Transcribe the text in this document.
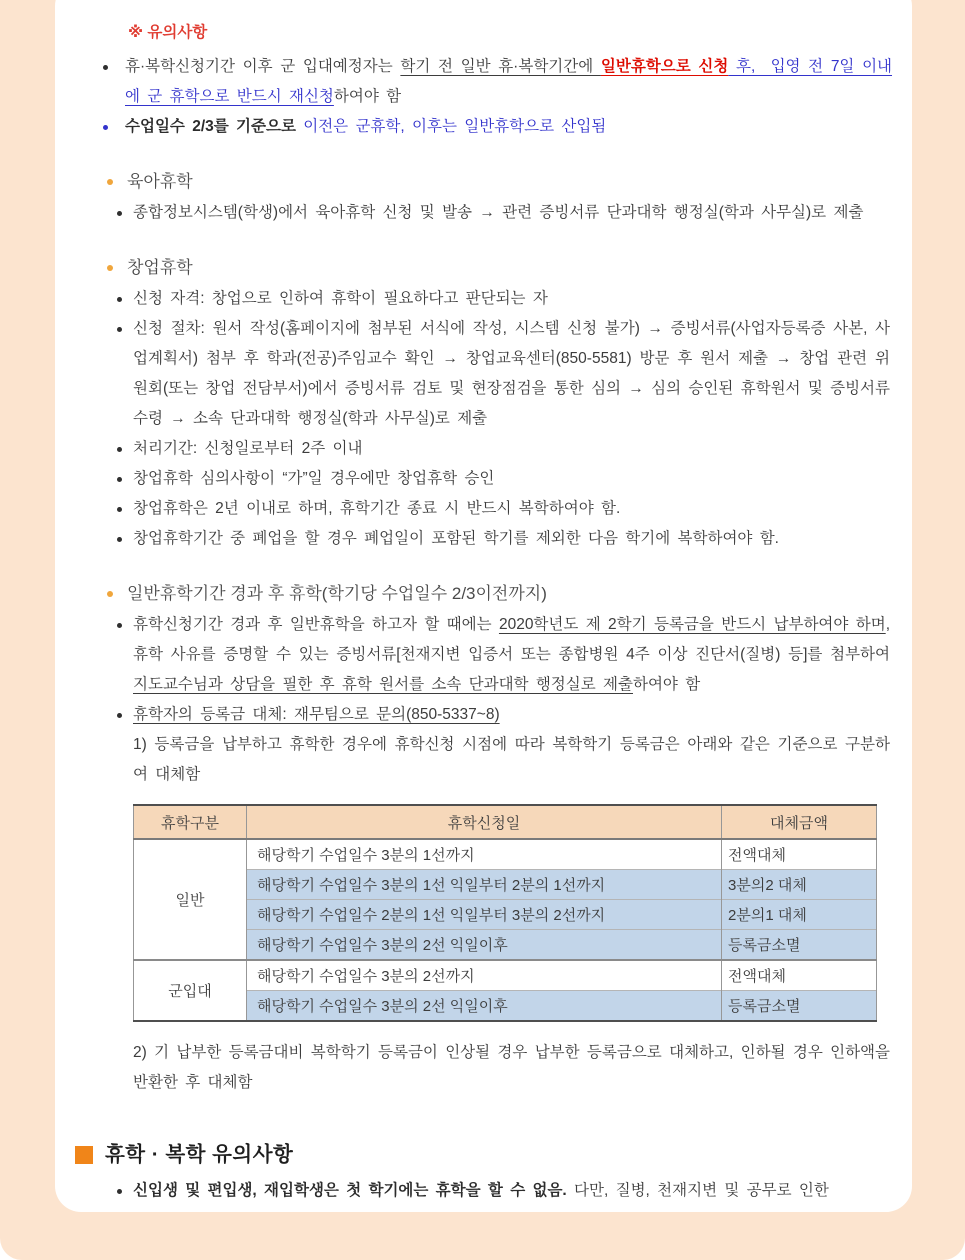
※ 유의사항
휴·복학신청기간 이후 군 입대예정자는 학기 전 일반 휴·복학기간에 일반휴학으로 신청 후,  입영 전 7일 이내에 군 휴학으로 반드시 재신청하여야 함
수업일수 2/3를 기준으로 이전은 군휴학, 이후는 일반휴학으로 산입됨
육아휴학
종합정보시스템(학생)에서 육아휴학 신청 및 발송 → 관련 증빙서류 단과대학 행정실(학과 사무실)로 제출
창업휴학
신청 자격: 창업으로 인하여 휴학이 필요하다고 판단되는 자
신청 절차: 원서 작성(홈페이지에 첨부된 서식에 작성, 시스템 신청 불가) → 증빙서류(사업자등록증 사본, 사업계획서) 첨부 후 학과(전공)주임교수 확인 → 창업교육센터(850-5581) 방문 후 원서 제출 → 창업 관련 위원회(또는 창업 전담부서)에서 증빙서류 검토 및 현장점검을 통한 심의 → 심의 승인된 휴학원서 및 증빙서류 수령 → 소속 단과대학 행정실(학과 사무실)로 제출
처리기간: 신청일로부터 2주 이내
창업휴학 심의사항이 “가”일 경우에만 창업휴학 승인
창업휴학은 2년 이내로 하며, 휴학기간 종료 시 반드시 복학하여야 함.
창업휴학기간 중 폐업을 할 경우 폐업일이 포함된 학기를 제외한 다음 학기에 복학하여야 함.
일반휴학기간 경과 후 휴학(학기당 수업일수 2/3이전까지)
휴학신청기간 경과 후 일반휴학을 하고자 할 때에는 2020학년도 제 2학기 등록금을 반드시 납부하여야 하며, 휴학 사유를 증명할 수 있는 증빙서류[천재지변 입증서 또는 종합병원 4주 이상 진단서(질병) 등]를 첨부하여 지도교수님과 상담을 필한 후 휴학 원서를 소속 단과대학 행정실로 제출하여야 함
휴학자의 등록금 대체: 재무팀으로 문의(850-5337~8)
1) 등록금을 납부하고 휴학한 경우에 휴학신청 시점에 따라 복학학기 등록금은 아래와 같은 기준으로 구분하여 대체함
휴학구분	휴학신청일	대체금액
일반	해당학기 수업일수 3분의 1선까지	전액대체
	해당학기 수업일수 3분의 1선 익일부터 2분의 1선까지	3분의2 대체
	해당학기 수업일수 2분의 1선 익일부터 3분의 2선까지	2분의1 대체
	해당학기 수업일수 3분의 2선 익일이후	등록금소멸
군입대	해당학기 수업일수 3분의 2선까지	전액대체
	해당학기 수업일수 3분의 2선 익일이후	등록금소멸
2) 기 납부한 등록금대비 복학학기 등록금이 인상될 경우 납부한 등록금으로 대체하고, 인하될 경우 인하액을 반환한 후 대체함
휴학 · 복학 유의사항
신입생 및 편입생, 재입학생은 첫 학기에는 휴학을 할 수 없음. 다만, 질병, 천재지변 및 공무로 인한
